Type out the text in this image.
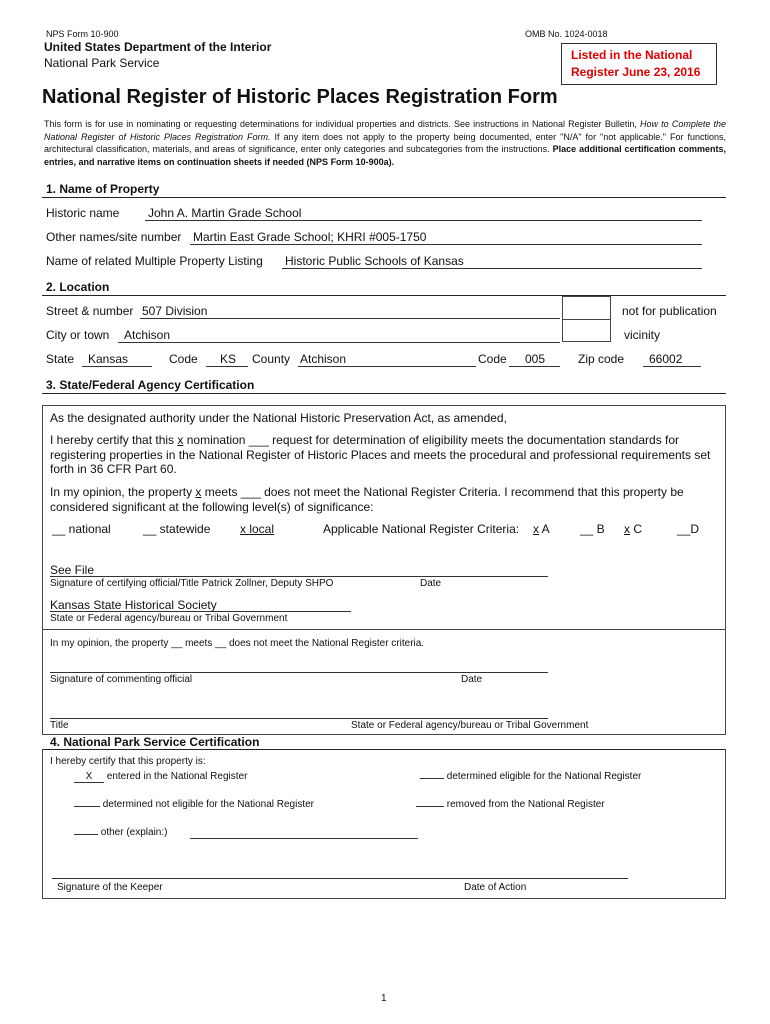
NPS Form 10-900	OMB No. 1024-0018
United States Department of the Interior
National Park Service
Listed in the National
Register June 23, 2016
National Register of Historic Places Registration Form
This form is for use in nominating or requesting determinations for individual properties and districts. See instructions in National Register Bulletin, How to Complete the National Register of Historic Places Registration Form. If any item does not apply to the property being documented, enter "N/A" for "not applicable." For functions, architectural classification, materials, and areas of significance, enter only categories and subcategories from the instructions. Place additional certification comments, entries, and narrative items on continuation sheets if needed (NPS Form 10-900a).
1. Name of Property
Historic name John A. Martin Grade School
Other names/site number Martin East Grade School; KHRI #005-1750
Name of related Multiple Property Listing Historic Public Schools of Kansas
2. Location
Street & number 507 Division	not for publication
City or town Atchison	vicinity
State Kansas	Code KS County Atchison	Code 005	Zip code 66002
3. State/Federal Agency Certification
As the designated authority under the National Historic Preservation Act, as amended,
I hereby certify that this x nomination ___ request for determination of eligibility meets the documentation standards for registering properties in the National Register of Historic Places and meets the procedural and professional requirements set forth in 36 CFR Part 60.
In my opinion, the property x meets ___ does not meet the National Register Criteria. I recommend that this property be considered significant at the following level(s) of significance:
__ national	__ statewide x local	Applicable National Register Criteria: x A	__ B x C	__D
See File
Signature of certifying official/Title Patrick Zollner, Deputy SHPO	Date
Kansas State Historical Society
State or Federal agency/bureau or Tribal Government
In my opinion, the property __ meets __ does not meet the National Register criteria.
Signature of commenting official	Date
Title	State or Federal agency/bureau or Tribal Government
4. National Park Service Certification
I hereby certify that this property is:
X entered in the National Register	determined eligible for the National Register
determined not eligible for the National Register	removed from the National Register
other (explain:)
Signature of the Keeper	Date of Action
1
